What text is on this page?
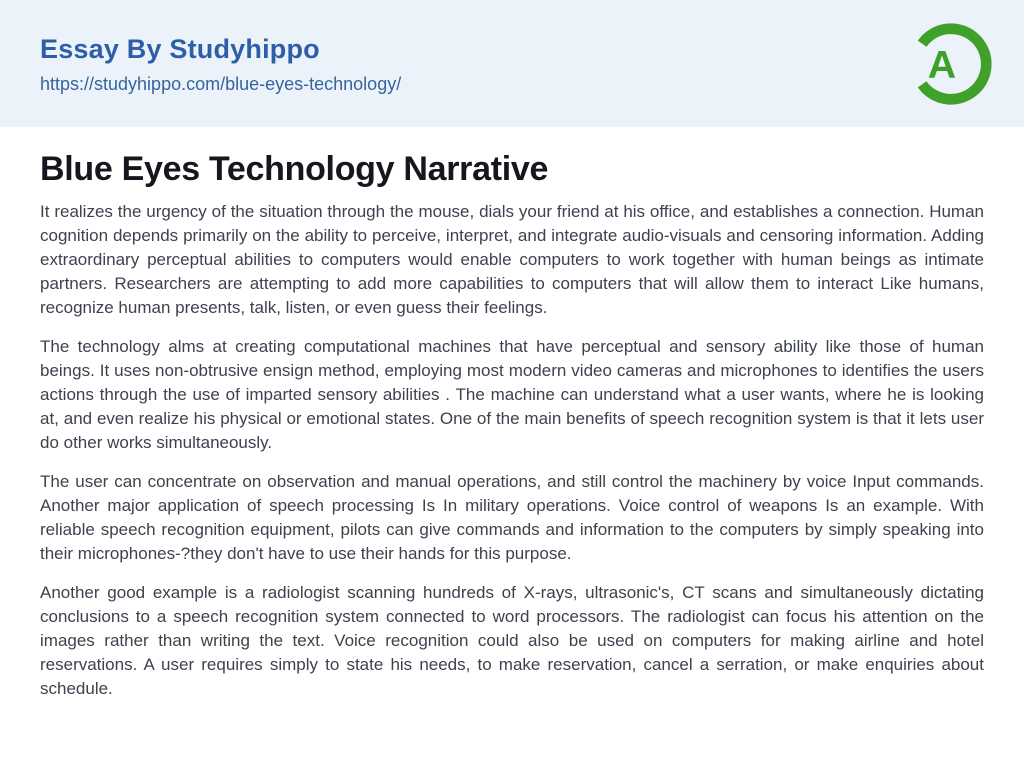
Essay By Studyhippo
https://studyhippo.com/blue-eyes-technology/	A
Blue Eyes Technology Narrative

It realizes the urgency of the situation through the mouse, dials your friend at his office, and establishes a connection. Human cognition depends primarily on the ability to perceive, interpret, and integrate audio-visuals and censoring information. Adding extraordinary perceptual abilities to computers would enable computers to work together with human beings as intimate partners. Researchers are attempting to add more capabilities to computers that will allow them to interact Like humans, recognize human presents, talk, listen, or even guess their feelings.

The technology alms at creating computational machines that have perceptual and sensory ability like those of human beings. It uses non-obtrusive ensign method, employing most modern video cameras and microphones to identifies the users actions through the use of imparted sensory abilities . The machine can understand what a user wants, where he is looking at, and even realize his physical or emotional states. One of the main benefits of speech recognition system is that it lets user do other works simultaneously.

The user can concentrate on observation and manual operations, and still control the machinery by voice Input commands. Another major application of speech processing Is In military operations. Voice control of weapons Is an example. With reliable speech recognition equipment, pilots can give commands and information to the computers by simply speaking into their microphones-?they don't have to use their hands for this purpose.

Another good example is a radiologist scanning hundreds of X-rays, ultrasonic's, CT scans and simultaneously dictating conclusions to a speech recognition system connected to word processors. The radiologist can focus his attention on the images rather than writing the text. Voice recognition could also be used on computers for making airline and hotel reservations. A user requires simply to state his needs, to make reservation, cancel a serration, or make enquiries about schedule.
